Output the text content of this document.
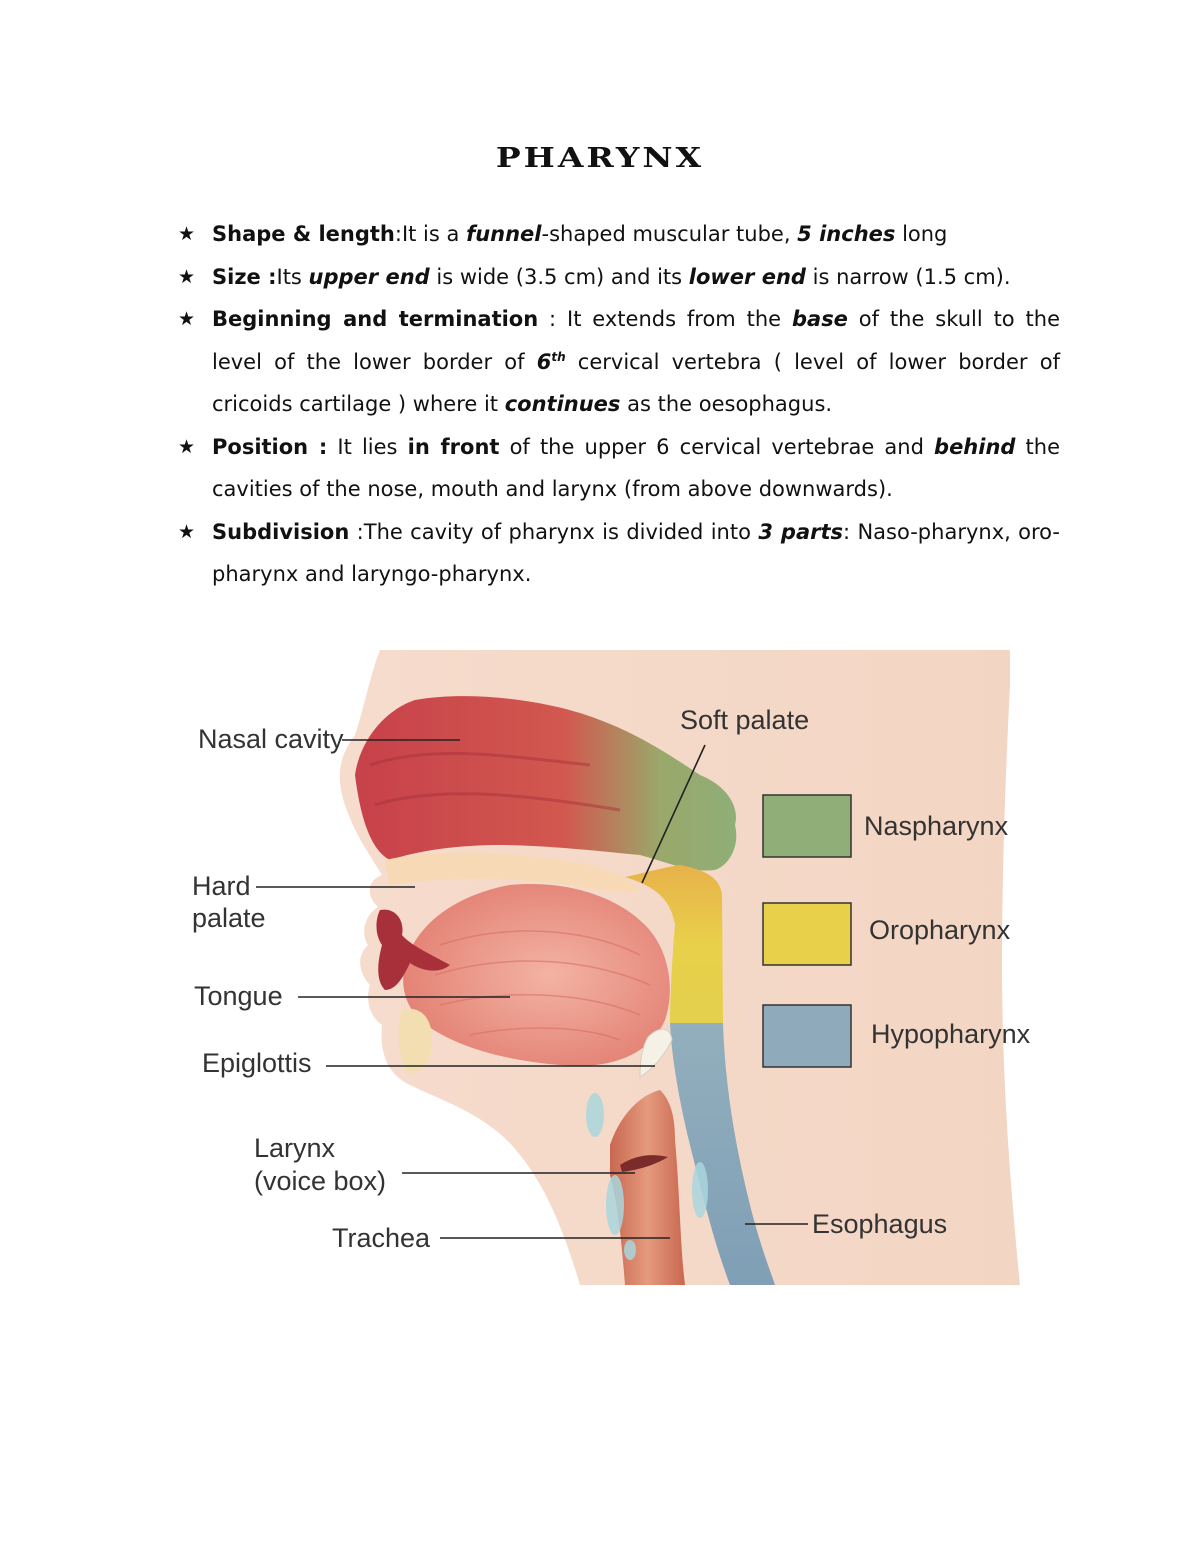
PHARYNX
★ Shape & length:It is a funnel-shaped muscular tube, 5 inches long
★ Size :Its upper end is wide (3.5 cm) and its lower end is narrow (1.5 cm).
★ Beginning and termination : It extends from the base of the skull to the level of the lower border of 6th cervical vertebra ( level of lower border of cricoids cartilage ) where it continues as the oesophagus.
★ Position : It lies in front of the upper 6 cervical vertebrae and behind the cavities of the nose, mouth and larynx (from above downwards).
★ Subdivision :The cavity of pharynx is divided into 3 parts: Naso-pharynx, oro-pharynx and laryngo-pharynx.
Nasal cavity
Hard
palate
Tongue
Epiglottis
Larynx
(voice box)
Trachea
Soft palate
Esophagus
Naspharynx
Oropharynx
Hypopharynx
